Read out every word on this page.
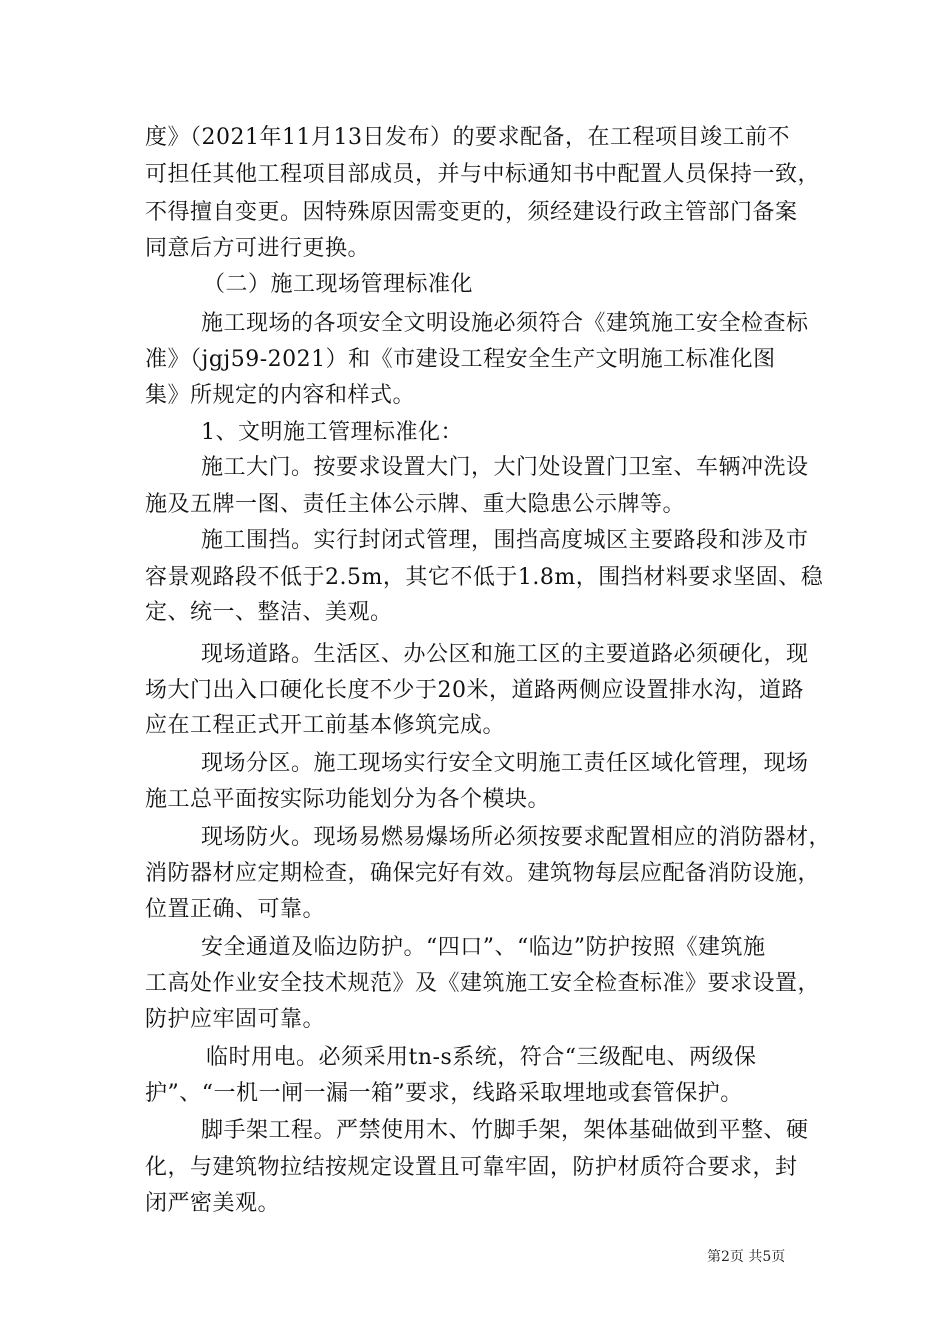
度》（2021年11月13日发布）的要求配备，在工程项目竣工前不
可担任其他工程项目部成员，并与中标通知书中配置人员保持一致，
不得擅自变更。因特殊原因需变更的，须经建设行政主管部门备案
同意后方可进行更换。
（二）施工现场管理标准化
施工现场的各项安全文明设施必须符合《建筑施工安全检查标
准》（jgj59-2021）和《市建设工程安全生产文明施工标准化图
集》所规定的内容和样式。
1、文明施工管理标准化：
施工大门。按要求设置大门，大门处设置门卫室、车辆冲洗设
施及五牌一图、责任主体公示牌、重大隐患公示牌等。
施工围挡。实行封闭式管理，围挡高度城区主要路段和涉及市
容景观路段不低于2.5m，其它不低于1.8m，围挡材料要求坚固、稳
定、统一、整洁、美观。
现场道路。生活区、办公区和施工区的主要道路必须硬化，现
场大门出入口硬化长度不少于20米，道路两侧应设置排水沟，道路
应在工程正式开工前基本修筑完成。
现场分区。施工现场实行安全文明施工责任区域化管理，现场
施工总平面按实际功能划分为各个模块。
现场防火。现场易燃易爆场所必须按要求配置相应的消防器材，
消防器材应定期检查，确保完好有效。建筑物每层应配备消防设施，
位置正确、可靠。
安全通道及临边防护。“四口”、“临边”防护按照《建筑施
工高处作业安全技术规范》及《建筑施工安全检查标准》要求设置，
防护应牢固可靠。
临时用电。必须采用tn-s系统，符合“三级配电、两级保
护”、“一机一闸一漏一箱”要求，线路采取埋地或套管保护。
脚手架工程。严禁使用木、竹脚手架，架体基础做到平整、硬
化，与建筑物拉结按规定设置且可靠牢固，防护材质符合要求，封
闭严密美观。
第2页 共5页
